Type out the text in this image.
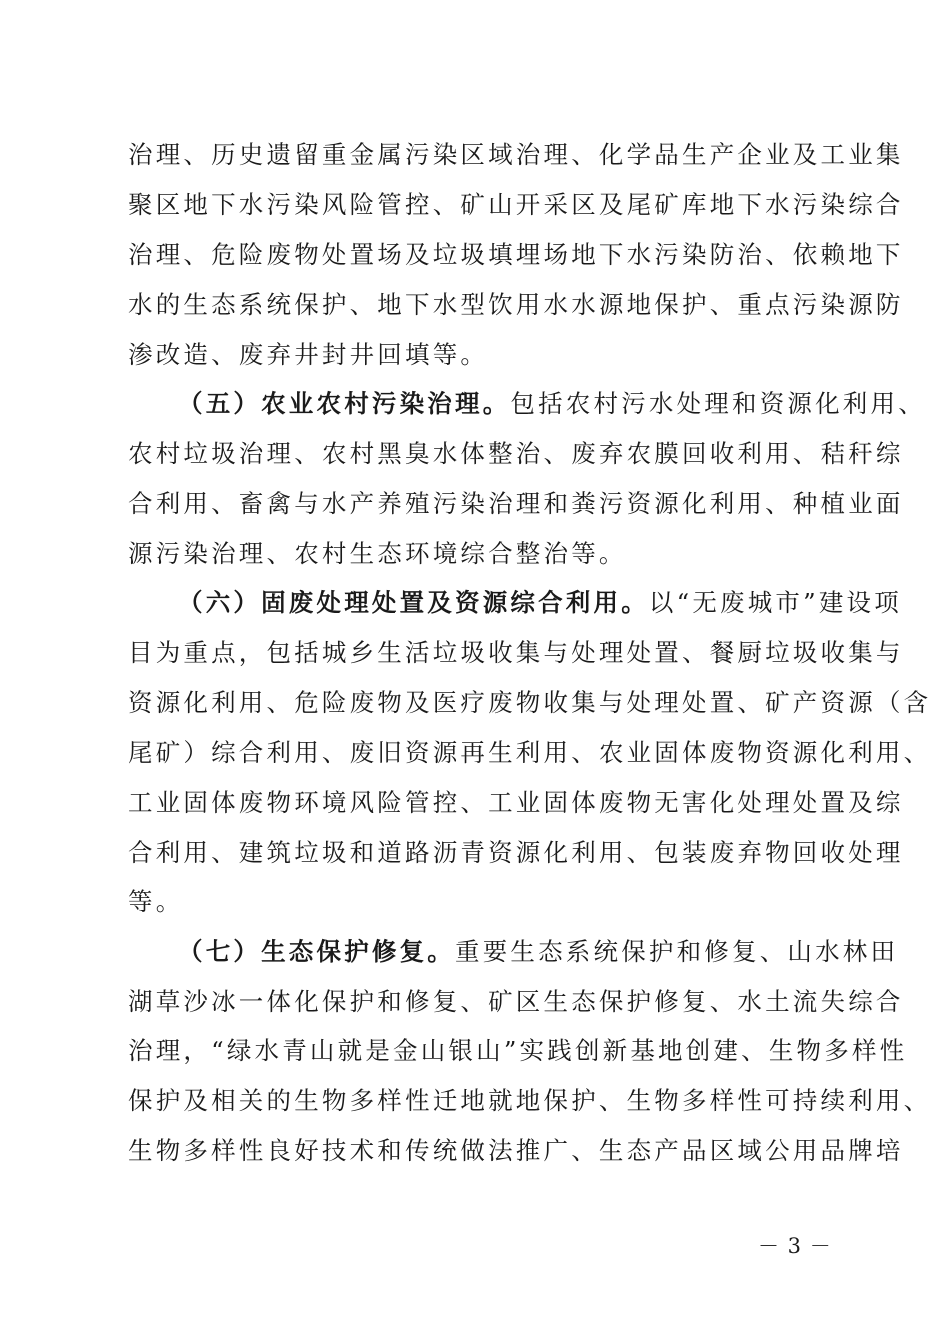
治理、历史遗留重金属污染区域治理、化学品生产企业及工业集
聚区地下水污染风险管控、矿山开采区及尾矿库地下水污染综合
治理、危险废物处置场及垃圾填埋场地下水污染防治、依赖地下
水的生态系统保护、地下水型饮用水水源地保护、重点污染源防
渗改造、废弃井封井回填等。
（五）农业农村污染治理。包括农村污水处理和资源化利用、
农村垃圾治理、农村黑臭水体整治、废弃农膜回收利用、秸秆综
合利用、畜禽与水产养殖污染治理和粪污资源化利用、种植业面
源污染治理、农村生态环境综合整治等。
（六）固废处理处置及资源综合利用。以“无废城市”建设项
目为重点，包括城乡生活垃圾收集与处理处置、餐厨垃圾收集与
资源化利用、危险废物及医疗废物收集与处理处置、矿产资源（含
尾矿）综合利用、废旧资源再生利用、农业固体废物资源化利用、
工业固体废物环境风险管控、工业固体废物无害化处理处置及综
合利用、建筑垃圾和道路沥青资源化利用、包装废弃物回收处理
等。
（七）生态保护修复。重要生态系统保护和修复、山水林田
湖草沙冰一体化保护和修复、矿区生态保护修复、水土流失综合
治理，“绿水青山就是金山银山”实践创新基地创建、生物多样性
保护及相关的生物多样性迁地就地保护、生物多样性可持续利用、
生物多样性良好技术和传统做法推广、生态产品区域公用品牌培
－ 3 －
